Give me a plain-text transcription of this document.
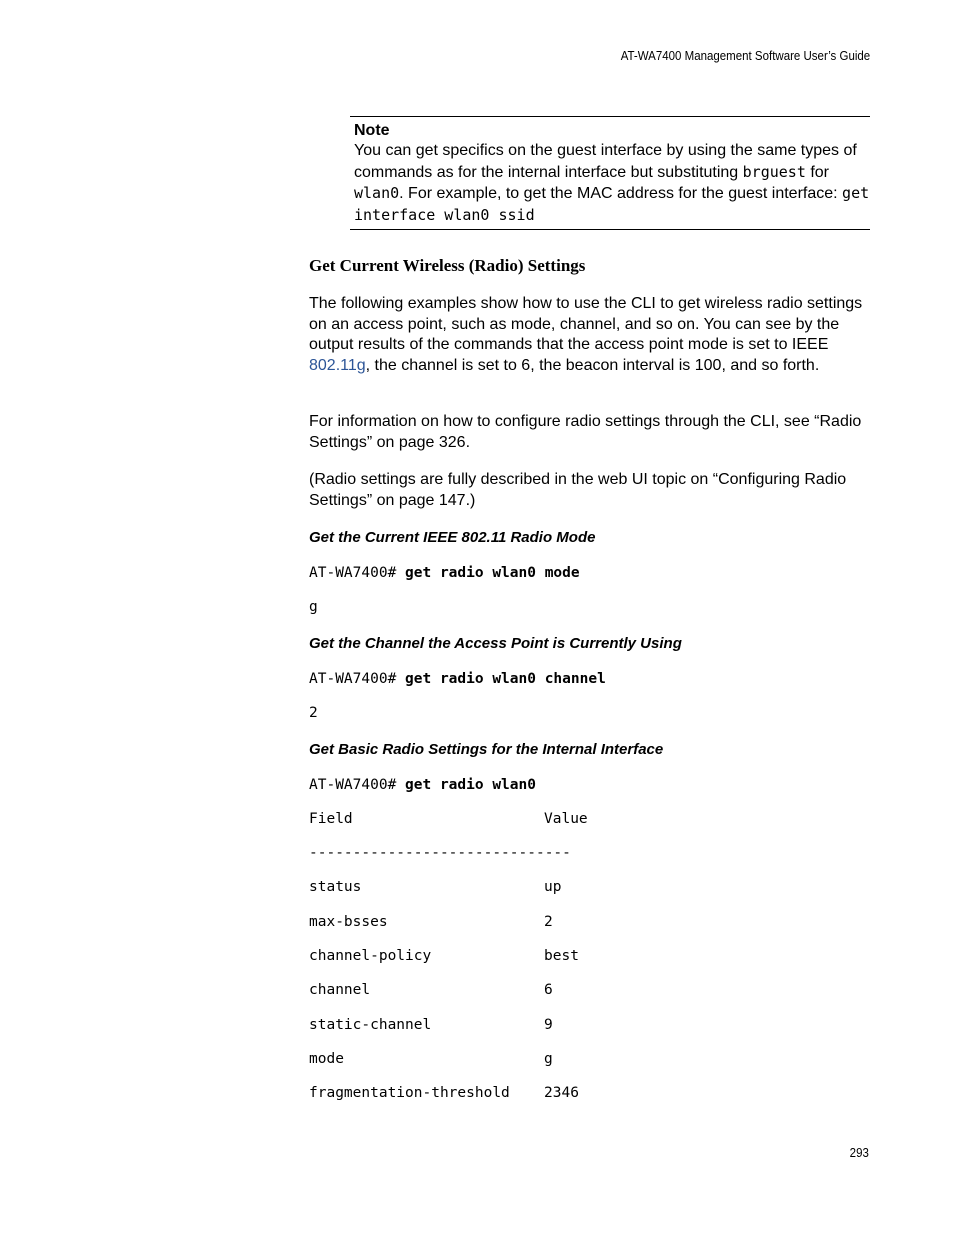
AT-WA7400 Management Software User’s Guide
Note

You can get specifics on the guest interface by using the same types of commands as for the internal interface but substituting brguest for wlan0. For example, to get the MAC address for the guest interface: get interface wlan0 ssid

Get Current Wireless (Radio) Settings

The following examples show how to use the CLI to get wireless radio settings on an access point, such as mode, channel, and so on. You can see by the output results of the commands that the access point mode is set to IEEE 802.11g, the channel is set to 6, the beacon interval is 100, and so forth.

For information on how to configure radio settings through the CLI, see “Radio Settings” on page 326.

(Radio settings are fully described in the web UI topic on “Configuring Radio Settings” on page 147.)

Get the Current IEEE 802.11 Radio Mode
AT-WA7400# get radio wlan0 mode
g
Get the Channel the Access Point is Currently Using
AT-WA7400# get radio wlan0 channel
2
Get Basic Radio Settings for the Internal Interface
AT-WA7400# get radio wlan0
Field	Value
------------------------------
status	up
max-bsses	2
channel-policy	best
channel	6
static-channel	9
mode	g
fragmentation-threshold 2346
293
